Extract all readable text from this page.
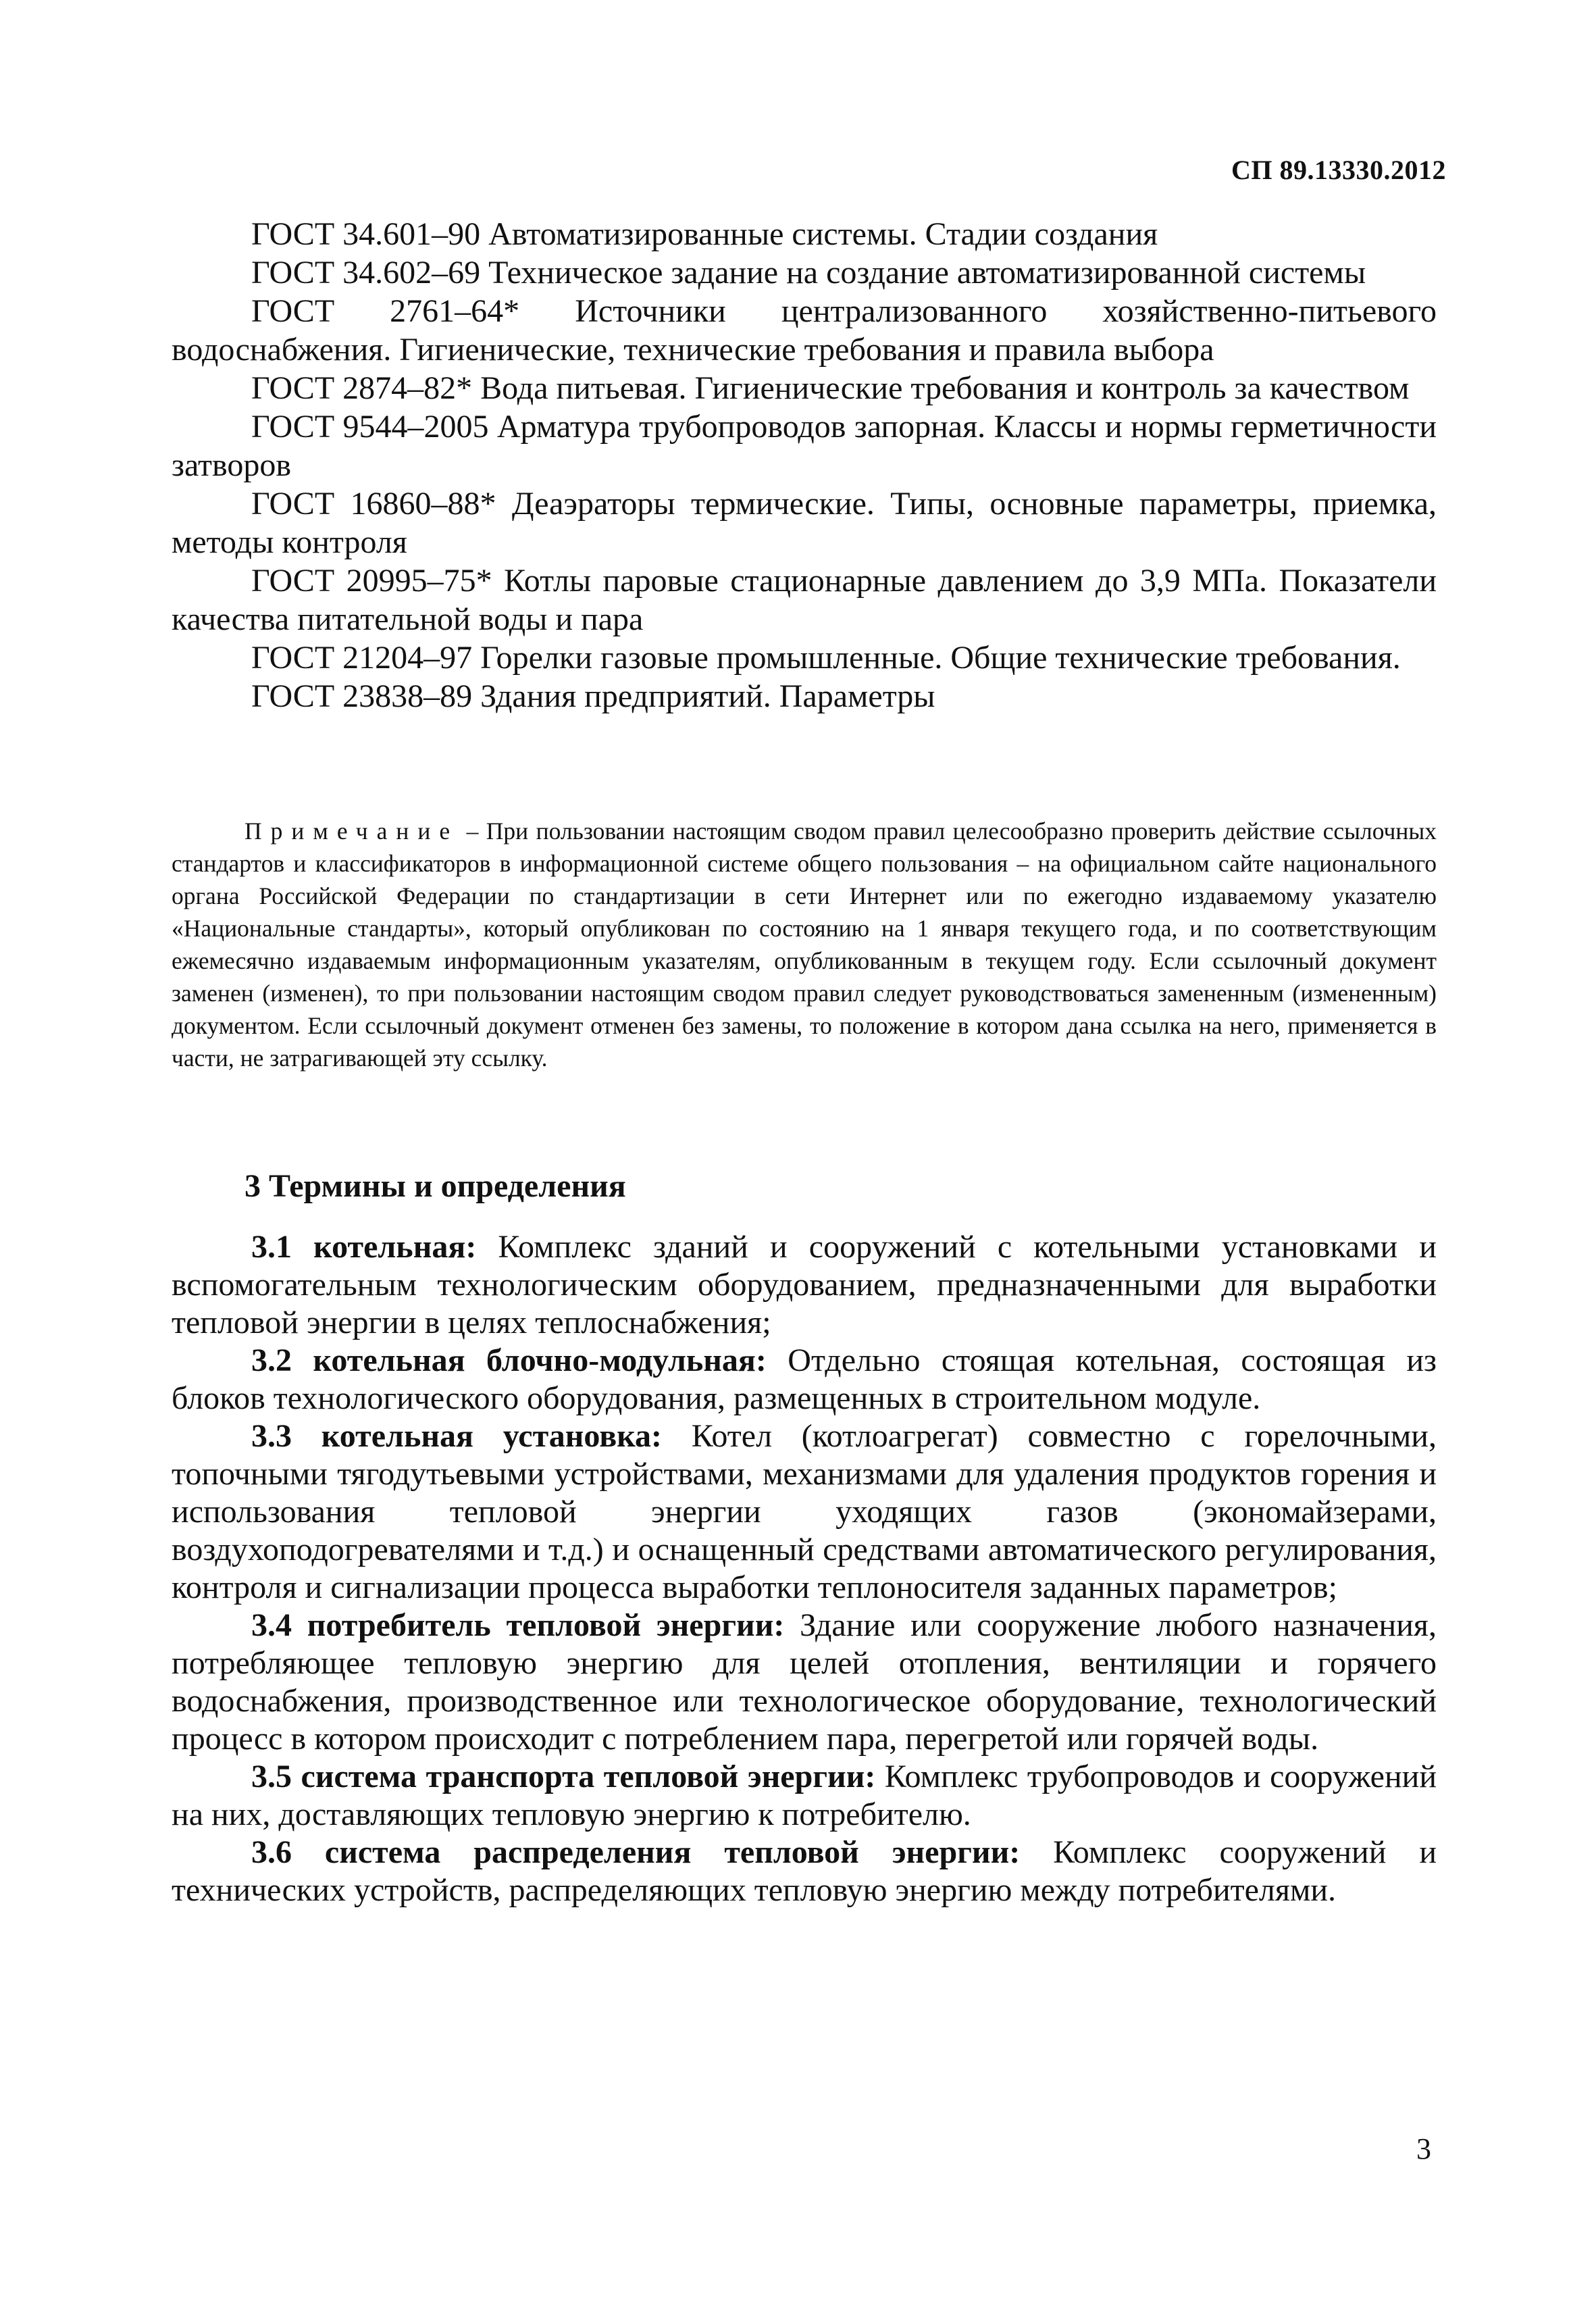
СП 89.13330.2012

ГОСТ 34.601–90 Автоматизированные системы. Стадии создания

ГОСТ 34.602–69 Техническое задание на создание автоматизированной системы

ГОСТ 2761–64* Источники централизованного хозяйственно-питьевого водоснабжения. Гигиенические, технические требования и правила выбора

ГОСТ 2874–82* Вода питьевая. Гигиенические требования и контроль за качеством

ГОСТ 9544–2005 Арматура трубопроводов запорная. Классы и нормы герметичности затворов

ГОСТ 16860–88* Деаэраторы термические. Типы, основные параметры, приемка, методы контроля

ГОСТ 20995–75* Котлы паровые стационарные давлением до 3,9 МПа. Показатели качества питательной воды и пара

ГОСТ 21204–97 Горелки газовые промышленные. Общие технические требования.

ГОСТ 23838–89 Здания предприятий. Параметры

Примечание – При пользовании настоящим сводом правил целесообразно проверить действие ссылочных стандартов и классификаторов в информационной системе общего пользования – на официальном сайте национального органа Российской Федерации по стандартизации в сети Интернет или по ежегодно издаваемому указателю «Национальные стандарты», который опубликован по состоянию на 1 января текущего года, и по соответствующим ежемесячно издаваемым информационным указателям, опубликованным в текущем году. Если ссылочный документ заменен (изменен), то при пользовании настоящим сводом правил следует руководствоваться замененным (измененным) документом. Если ссылочный документ отменен без замены, то положение в котором дана ссылка на него, применяется в части, не затрагивающей эту ссылку.

3 Термины и определения

3.1 котельная: Комплекс зданий и сооружений с котельными установками и вспомогательным технологическим оборудованием, предназначенными для выработки тепловой энергии в целях теплоснабжения;

3.2 котельная блочно-модульная: Отдельно стоящая котельная, состоящая из блоков технологического оборудования, размещенных в строительном модуле.

3.3 котельная установка: Котел (котлоагрегат) совместно с горелочными, топочными тягодутьевыми устройствами, механизмами для удаления продуктов горения и использования тепловой энергии уходящих газов (экономайзерами, воздухоподогревателями и т.д.) и оснащенный средствами автоматического регулирования, контроля и сигнализации процесса выработки теплоносителя заданных параметров;

3.4 потребитель тепловой энергии: Здание или сооружение любого назначения, потребляющее тепловую энергию для целей отопления, вентиляции и горячего водоснабжения, производственное или технологическое оборудование, технологический процесс в котором происходит с потреблением пара, перегретой или горячей воды.

3.5 система транспорта тепловой энергии: Комплекс трубопроводов и сооружений на них, доставляющих тепловую энергию к потребителю.

3.6 система распределения тепловой энергии: Комплекс сооружений и технических устройств, распределяющих тепловую энергию между потребителями.

3
